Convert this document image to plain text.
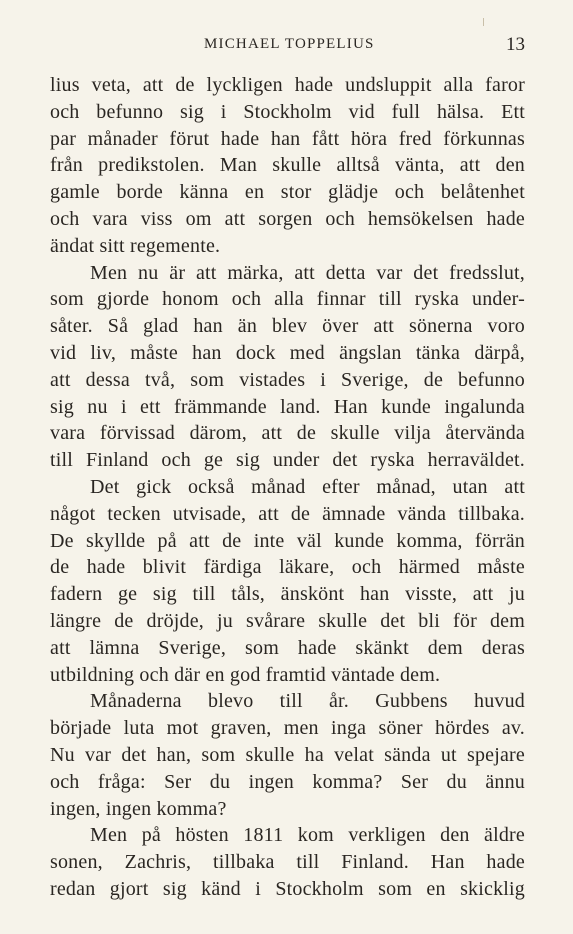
MICHAEL TOPPELIUS	13
lius veta, att de lyckligen hade undsluppit alla faror
och befunno sig i Stockholm vid full hälsa. Ett
par månader förut hade han fått höra fred förkunnas
från predikstolen. Man skulle alltså vänta, att den
gamle borde känna en stor glädje och belåtenhet
och vara viss om att sorgen och hemsökelsen hade
ändat sitt regemente.
Men nu är att märka, att detta var det fredsslut,
som gjorde honom och alla finnar till ryska under-
såter. Så glad han än blev över att sönerna voro
vid liv, måste han dock med ängslan tänka därpå,
att dessa två, som vistades i Sverige, de befunno
sig nu i ett främmande land. Han kunde ingalunda
vara förvissad därom, att de skulle vilja återvända
till Finland och ge sig under det ryska herraväldet.
Det gick också månad efter månad, utan att
något tecken utvisade, att de ämnade vända tillbaka.
De skyllde på att de inte väl kunde komma, förrän
de hade blivit färdiga läkare, och härmed måste
fadern ge sig till tåls, änskönt han visste, att ju
längre de dröjde, ju svårare skulle det bli för dem
att lämna Sverige, som hade skänkt dem deras
utbildning och där en god framtid väntade dem.
Månaderna blevo till år. Gubbens huvud
började luta mot graven, men inga söner hördes av.
Nu var det han, som skulle ha velat sända ut spejare
och fråga: Ser du ingen komma? Ser du ännu
ingen, ingen komma?
Men på hösten 1811 kom verkligen den äldre
sonen, Zachris, tillbaka till Finland. Han hade
redan gjort sig känd i Stockholm som en skicklig
